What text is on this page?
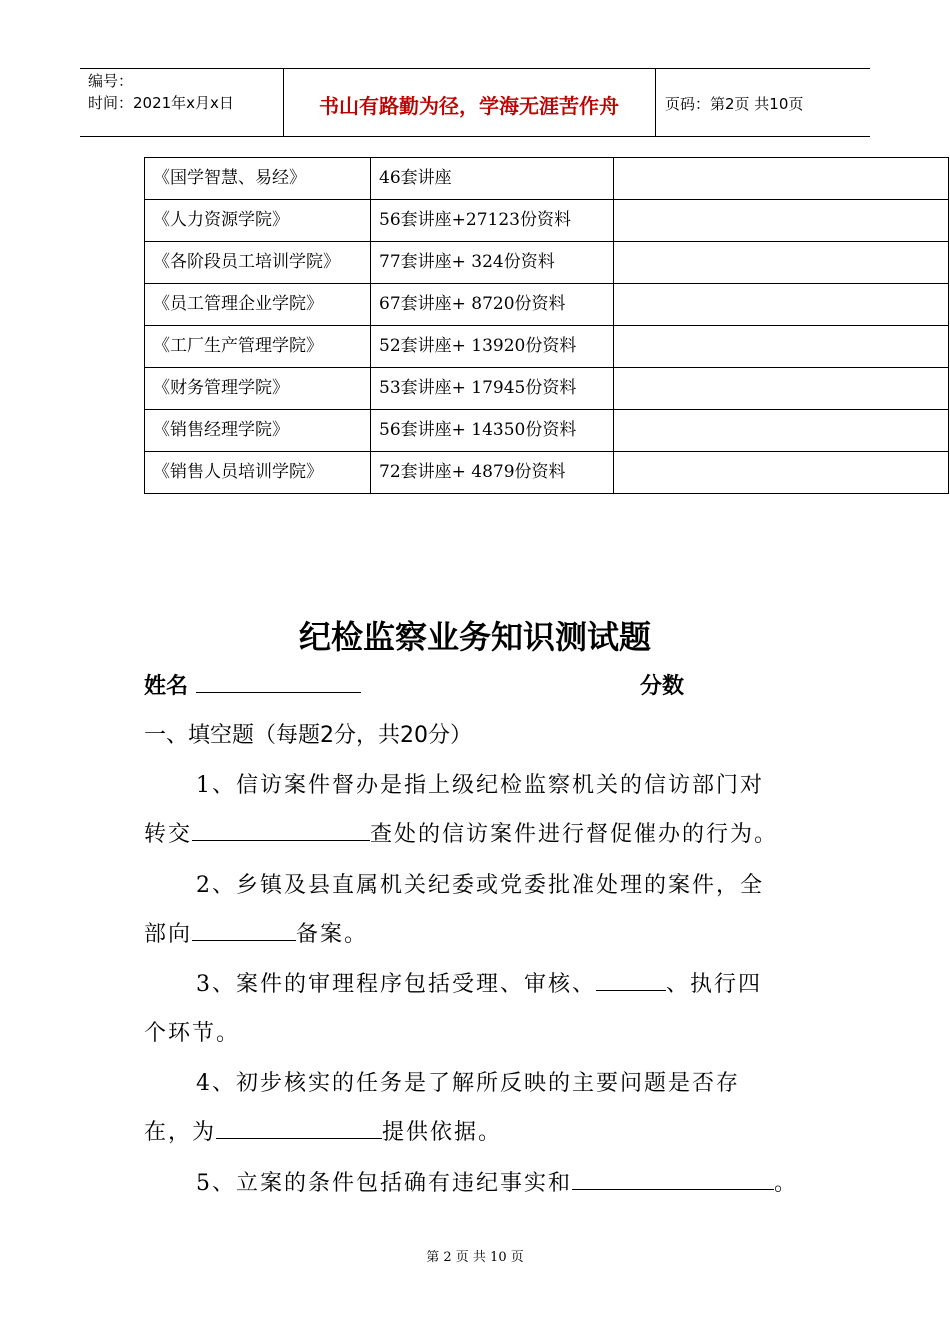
编号：
时间：2021年x月x日	书山有路勤为径，学海无涯苦作舟	页码：第2页 共10页
《国学智慧、易经》	46套讲座	
《人力资源学院》	56套讲座+27123份资料	
《各阶段员工培训学院》	77套讲座+ 324份资料	
《员工管理企业学院》	67套讲座+ 8720份资料	
《工厂生产管理学院》	52套讲座+ 13920份资料	
《财务管理学院》	53套讲座+ 17945份资料	
《销售经理学院》	56套讲座+ 14350份资料	
《销售人员培训学院》	72套讲座+ 4879份资料	
纪检监察业务知识测试题
姓名	分数
一、填空题（每题2分，共20分）
1、信访案件督办是指上级纪检监察机关的信访部门对
转交	查处的信访案件进行督促催办的行为。
2、乡镇及县直属机关纪委或党委批准处理的案件，全
部向	备案。
3、案件的审理程序包括受理、审核、	、执行四
个环节。
4、初步核实的任务是了解所反映的主要问题是否存
在，为	提供依据。
5、立案的条件包括确有违纪事实和	。
第 2 页 共 10 页
